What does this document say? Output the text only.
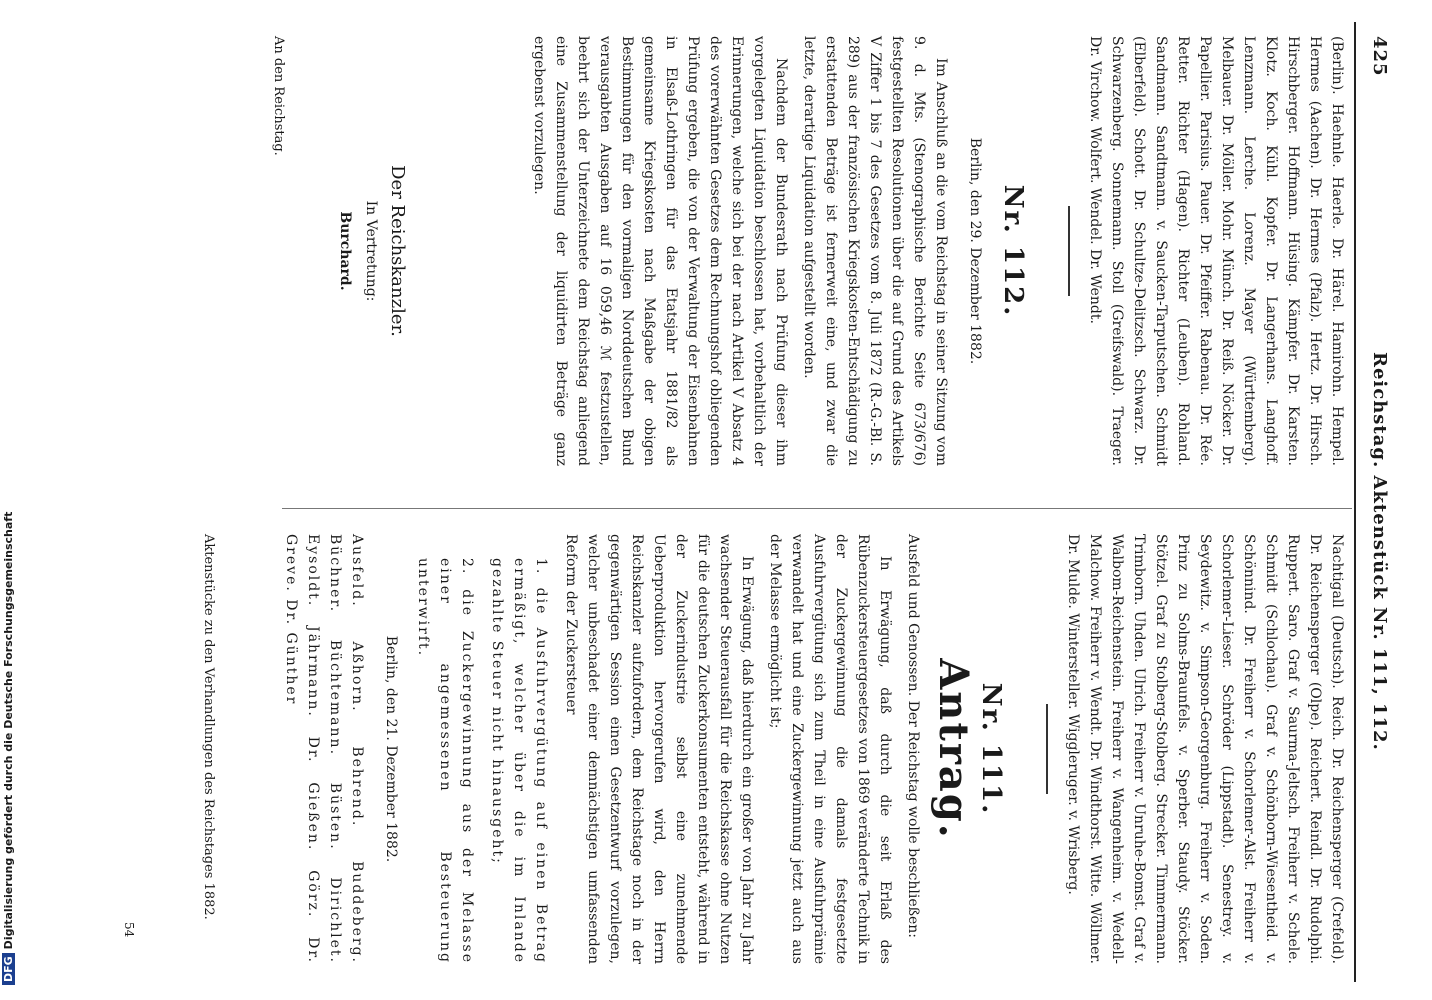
DFGDigitalisierung gefördert durch die Deutsche Forschungsgemeinschaft
425
Reichstag. Aktenstück Nr. 111, 112.

(Berlin). Haehnle. Haerle. Dr. Härel. Hamirohn. Hempel. Hermes (Aachen). Dr. Hermes (Pfalz). Hertz. Dr. Hirsch. Hirschberger. Hoffmann. Hüsing. Kämpfer. Dr. Karsten. Klotz. Koch. Kühl. Kopfer. Dr. Langerhans. Langhoff. Lenzmann. Lerche. Lorenz. Mayer (Württemberg). Melbauer. Dr. Möller. Mohr. Münch. Dr. Reiß. Nöcker. Dr. Papellier. Parisius. Pauer. Dr. Pfeiffer. Rabenau. Dr. Rée. Retter. Richter (Hagen). Richter (Leuben). Rohland. Sandmann. Sandtmann. v. Saucken-Tarputschen. Schmidt (Elberfeld). Schott. Dr. Schultze-Delitzsch. Schwarz. Dr. Schwarzenberg. Sonnemann. Stoll (Greifswald). Traeger. Dr. Virchow. Wolfert. Wendel. Dr. Wendt.

Nr. 112.
Berlin, den 29. Dezember 1882.

Im Anschluß an die vom Reichstag in seiner Sitzung vom 9. d. Mts. (Stenographische Berichte Seite 673/676) festgestellten Resolutionen über die auf Grund des Artikels V Ziffer 1 bis 7 des Gesetzes vom 8. Juli 1872 (R.-G.-Bl. S. 289) aus der französischen Kriegskosten-Entschädigung zu erstattenden Beträge ist fernerweit eine, und zwar die letzte, derartige Liquidation aufgestellt worden.

Nachdem der Bundesrath nach Prüfung dieser ihm vorgelegten Liquidation beschlossen hat, vorbehaltlich der Erinnerungen, welche sich bei der nach Artikel V Absatz 4 des vorerwähnten Gesetzes dem Rechnungshof obliegenden Prüfung ergeben, die von der Verwaltung der Eisenbahnen in Elsaß-Lothringen für das Etatsjahr 1881/82 als gemeinsame Kriegskosten nach Maßgabe der obigen Bestimmungen für den vormaligen Norddeutschen Bund verausgabten Ausgaben auf 16 059,46 ℳ festzustellen, beehrt sich der Unterzeichnete dem Reichstag anliegend eine Zusammenstellung der liquidirten Beträge ganz ergebenst vorzulegen.

Der Reichskanzler.
In Vertretung:
Burchard.

Nachtigall (Deutsch). Reich. Dr. Reichensperger (Crefeld). Dr. Reichensperger (Olpe). Reichert. Reindl. Dr. Rudolphi. Ruppert. Saro. Graf v. Saurma-Jeltsch. Freiherr v. Schele. Schmidt (Schlochau). Graf v. Schönborn-Wiesentheid. v. Schönnind. Dr. Freiherr v. Schorlemer-Alst. Freiherr v. Schorlemer-Lieser. Schröder (Lippstadt). Senestrey. v. Seydewitz. v. Simpson-Georgenburg. Freiherr v. Soden. Prinz zu Solms-Braunfels. v. Sperber. Staudy. Stöcker. Stötzel. Graf zu Stolberg-Stolberg. Strecker. Timmermann. Trimborn. Uhden. Ulrich. Freiherr v. Unruhe-Bomst. Graf v. Walbom-Reichenstein. Freiherr v. Wangenheim. v. Wedell-Malchow. Freiherr v. Wendt. Dr. Windthorst. Witte. Wöllmer. Dr. Mulde. Wintersteller. Wiggleruger. v. Wrisberg.

Nr. 111.
Antrag.

Ausfeld und Genossen. Der Reichstag wolle beschließen:

In Erwägung, daß durch die seit Erlaß des Rübenzuckersteuergesetzes von 1869 veränderte Technik in der Zuckergewinnung die damals festgesetzte Ausfuhrvergütung sich zum Theil in eine Ausfuhrprämie verwandelt hat und eine Zuckergewinnung jetzt auch aus der Melasse ermöglicht ist;

In Erwägung, daß hierdurch ein großer von Jahr zu Jahr wachsender Steuerausfall für die Reichskasse ohne Nutzen für die deutschen Zuckerkonsumenten entsteht, während in der Zuckerindustrie selbst eine zunehmende Ueberproduktion hervorgerufen wird, den Herrn Reichskanzler aufzufordern, dem Reichstage noch in der gegenwärtigen Session einen Gesetzentwurf vorzulegen, welcher unbeschadet einer demnächstigen umfassenden Reform der Zuckersteuer

1. die Ausfuhrvergütung auf einen Betrag ermäßigt, welcher über die im Inlande gezahlte Steuer nicht hinausgeht;
2. die Zuckergewinnung aus der Melasse einer angemessenen Besteuerung unterwirft.
Berlin, den 21. Dezember 1882.

Ausfeld. Aßhorn. Behrend. Buddeberg. Büchner. Büchtemann. Büsten. Dirichlet. Eysoldt. Jährmann. Dr. Gießen. Görz. Dr. Greve. Dr. Günther

An den Reichstag.
Aktenstücke zu den Verhandlungen des Reichstages 1882.
54
